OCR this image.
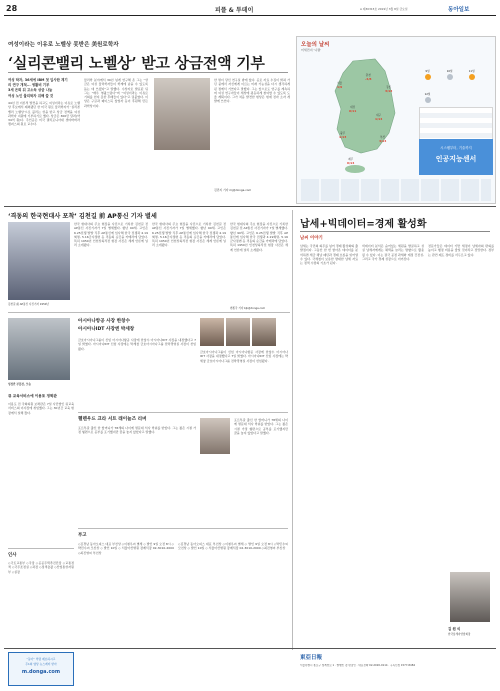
28	피플 & 투데이	A 제30315호 2019년 3월 8일 금요일	동아일보
여성이라는 이유로 노벨상 못받은 美원로학자
‘실리콘밸리 노벨상’ 받고 상금전액 기부
여성 학자, 36세에 IBM 첫 입사한 계기
의 연구 개척... 생활비 기부
3세 은퇴 뒤 고소득 상금 나눔
여성 노인 물리학자 위해 쓸 것
44년 전 이론적 발견을 하고도 여성이라는 이유로 노벨상 후보에서 제외됐던 한 미국 원로 물리학자가 ‘실리콘밸리 노벨상’으로 불리는 상을 받고 상금 전액을 여성 과학자 지원에 기부하기로 했다. 상금은 300만 달러(약 34억 원)다. 주인공은 미국 캘리포니아대 샌타바버라 캠퍼스의 원로 교수다.
물리학 분야에서 30년 넘게 연구해 온 그는 “상금은 여성 물리학자들이 학계에 남을 수 있도록 돕는 데 쓰겠다”고 말했다. 수상자로 발표된 뒤 그는 “매우 영광스럽다”며 “여성이라는 이유로 기회를 얻지 못한 후배들이 있다”고 덧붙였다. 이 상은 구글과 페이스북 창업자 등이 후원해 만든 과학상이다.
한 명이 당신 연구실 밖에 있다. 공로 자료 수집이 밝혀 가던 중에서 자신에게 이르는 미래 가능성을 다시 생각하게 된 점에서 기쁘다고 말했다. 그는 앞으로도 연구를 계속하며 여성 연구자들이 세상에 평등하게 참여할 수 있도록 도울 계획이다. 그가 처음 발견한 현상은 현재 전자 소자 개발에 쓰인다.
김민지 기자 mj@donga.com
오늘의 날씨
미세먼지 ‘나쁨’
서울
1/9
춘천
-4/8
강릉
3/12
대전
0/11
광주
1/13
대구
1/14
부산
4/14
제주
6/14
9일	10일	11일
12일
시스템부터, 기술까지
인공지능센서
‘격동의 한국현대사 포착’ 김천길 前 AP통신 기자 별세
김천길 前 AP통신 사진기자 1950년
한국 현대사의 주요 현장을 사진으로 기록한 김천길 전 AP통신 사진기자가 7일 별세했다. 향년 90세. 고인은 6·25전쟁 발발 직후 AP통신에 입사해 한국 전쟁과 4·19혁명, 5·16군사정변 등 격동의 순간을 카메라에 담았다. 특히 1950년 인천상륙작전 현장 사진은 세계 언론에 널리 소개됐다.
한국 현대사의 주요 현장을 사진으로 기록한 김천길 전 AP통신 사진기자가 7일 별세했다. 향년 90세. 고인은 6·25전쟁 발발 직후 AP통신에 입사해 한국 전쟁과 4·19혁명, 5·16군사정변 등 격동의 순간을 카메라에 담았다. 특히 1950년 인천상륙작전 현장 사진은 세계 언론에 널리 소개됐다.
한국 현대사의 주요 현장을 사진으로 기록한 김천길 전 AP통신 사진기자가 7일 별세했다. 향년 90세. 고인은 6·25전쟁 발발 직후 AP통신에 입사해 한국 전쟁과 4·19혁명, 5·16군사정변 등 격동의 순간을 카메라에 담았다. 특히 1950년 인천상륙작전 현장 사진은 세계 언론에 널리 소개됐다.
변종국 기자 bjk@donga.com
성정만 부총장, 모습
큐 교육서비스에 이용포 정학관
이용포 전 국회의원 보좌관은 7일 사단법인 큐교육서비스의 이사장에 취임했다. 그는 30년간 교육 현장에서 일해 왔다.
인사
◇국토교통부 ◇국장 ◇공공주택추진단장 ◇교통정책 ◇국무조정실 ◇과장 ◇정책총괄 ◇산업통상자원부 ◇실장
아시아나항공 사장 한창수
아시아나IDT 사장엔 박세창
금호아시아나그룹이 신임 아시아나항공 사장에 한창수 아시아나IDT 사장을 내정했다고 7일 밝혔다. 아시아나IDT 신임 사장에는 박세창 금호아시아나그룹 전략경영실 사장이 선임됐다.
금호아시아나그룹이 신임 아시아나항공 사장에 한창수 아시아나IDT 사장을 내정했다고 7일 밝혔다. 아시아나IDT 신임 사장에는 박세창 금호아시아나그룹 전략경영실 사장이 선임됐다.
헬렌우드 크라 서트 래이늘즈 리버
포르투갈 출신 한 할머니가 78세의 나이에 명문대 석사 학위를 받았다. 그는 젊은 시절 가정 형편으로 공부를 포기했지만 꿈을 놓지 않았다고 말했다.
포르투갈 출신 한 할머니가 78세의 나이에 명문대 석사 학위를 받았다. 그는 젊은 시절 가정 형편으로 공부를 포기했지만 꿈을 놓지 않았다고 말했다.
부고
◇김경남 동아오피스 대표 부친상 ◇이철우씨 별세 ◇ 발인 9일 오전 8시 ◇박민수씨 모친상 ◇ 발인 10일 ◇ 서울아산병원 장례식장 02-3010-2000 ◇최진영씨 부친상
◇김경남 동아오피스 대표 부친상 ◇이철우씨 별세 ◇ 발인 9일 오전 8시 ◇박민수씨 모친상 ◇ 발인 10일 ◇ 서울아산병원 장례식장 02-3010-2000 ◇최진영씨 부친상
납세+빅데이터=경제 활성화
남씨 이야기
납세는 국민의 의무를 넘어 경제 활성화의 출발점이다. 그동안 한 번 쌓아온 데이터를 분석하면 세금 체납 패턴과 경제 흐름을 읽어낼 수 있다. 국세청이 보유한 방대한 납세 자료는 정책 수립의 기초가 된다.
빅데이터 분석은 숨어있는 세원을 발굴하고 성실 납세자에게는 혜택을 늘리는 방향으로 활용될 수 있다. 이는 결국 공정 과세와 재정 건전성, 그리고 국가 경제 성장으로 이어진다.
전문가들은 데이터 기반 세정이 납세자의 편의를 높이고 행정 비용을 줄일 것이라고 전망한다. 정부는 관련 제도 정비를 서두르고 있다.
김 원 식
한국납세자연합회장
“동아” 익명 제보하시고
주1회 영상 뉴스레터 받아
m.donga.com
東亞日報
서울특별시 종로구 청계천로 1 · 발행인 겸 편집인 · 대표전화 02-2020-0114 · 구독신청 1577-8484
